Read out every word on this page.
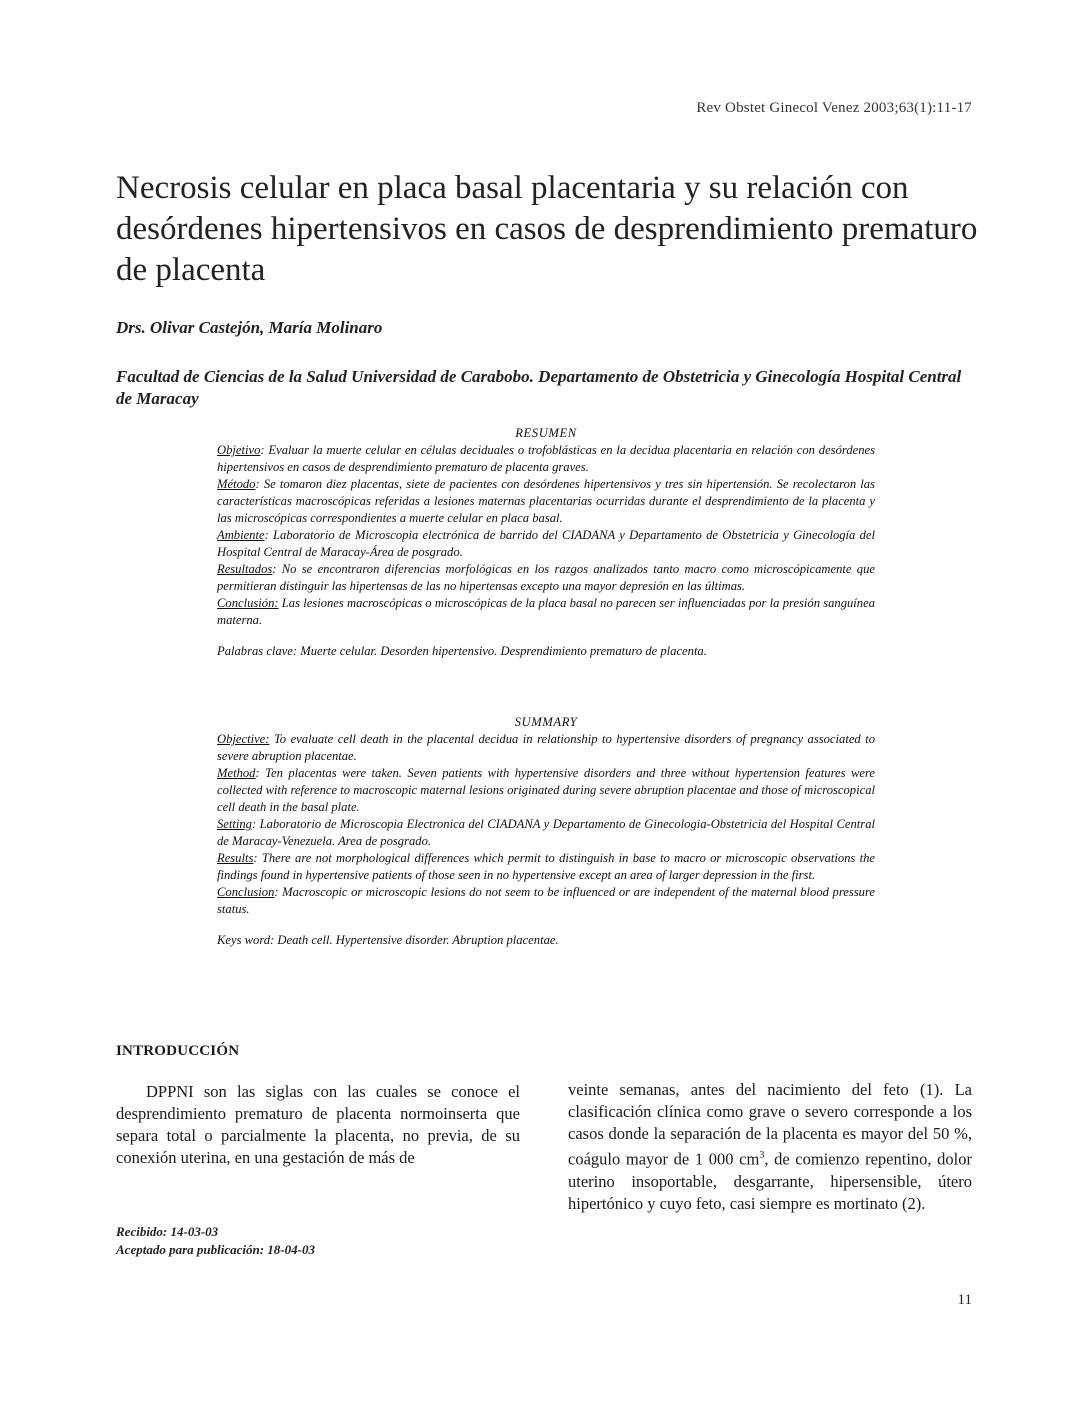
Rev Obstet Ginecol Venez 2003;63(1):11-17
Necrosis celular en placa basal placentaria y su relación con desórdenes hipertensivos en casos de desprendimiento prematuro de placenta
Drs. Olivar Castejón, María Molinaro
Facultad de Ciencias de la Salud Universidad de Carabobo. Departamento de Obstetricia y Ginecología Hospital Central de Maracay

RESUMEN

Objetivo: Evaluar la muerte celular en células deciduales o trofoblásticas en la decidua placentaria en relación con desórdenes hipertensivos en casos de desprendimiento prematuro de placenta graves.

Método: Se tomaron diez placentas, siete de pacientes con desórdenes hipertensivos y tres sin hipertensión. Se recolectaron las características macroscópicas referidas a lesiones maternas placentarias ocurridas durante el desprendimiento de la placenta y las microscópicas correspondientes a muerte celular en placa basal.

Ambiente: Laboratorio de Microscopia electrónica de barrido del CIADANA y Departamento de Obstetricia y Ginecología del Hospital Central de Maracay-Área de posgrado.

Resultados: No se encontraron diferencias morfológicas en los razgos analizados tanto macro como microscópicamente que permitieran distinguir las hipertensas de las no hipertensas excepto una mayor depresión en las últimas.

Conclusión: Las lesiones macroscópicas o microscópicas de la placa basal no parecen ser influenciadas por la presión sanguínea materna.

Palabras clave: Muerte celular. Desorden hipertensivo. Desprendimiento prematuro de placenta.

SUMMARY

Objective: To evaluate cell death in the placental decidua in relationship to hypertensive disorders of pregnancy associated to severe abruption placentae.

Method: Ten placentas were taken. Seven patients with hypertensive disorders and three without hypertension features were collected with reference to macroscopic maternal lesions originated during severe abruption placentae and those of microscopical cell death in the basal plate.

Setting: Laboratorio de Microscopia Electronica del CIADANA y Departamento de Ginecologia-Obstetricia del Hospital Central de Maracay-Venezuela. Area de posgrado.

Results: There are not morphological differences which permit to distinguish in base to macro or microscopic observations the findings found in hypertensive patients of those seen in no hypertensive except an area of larger depression in the first.

Conclusion: Macroscopic or microscopic lesions do not seem to be influenced or are independent of the maternal blood pressure status.

Keys word: Death cell. Hypertensive disorder. Abruption placentae.

INTRODUCCIÓN

DPPNI son las siglas con las cuales se conoce el desprendimiento prematuro de placenta normoinserta que separa total o parcialmente la placenta, no previa, de su conexión uterina, en una gestación de más de

veinte semanas, antes del nacimiento del feto (1). La clasificación clínica como grave o severo corresponde a los casos donde la separación de la placenta es mayor del 50 %, coágulo mayor de 1 000 $cm^3$, de comienzo repentino, dolor uterino insoportable, desgarrante, hipersensible, útero hipertónico y cuyo feto, casi siempre es mortinato (2).

Recibido: 14-03-03
Aceptado para publicación: 18-04-03
11
